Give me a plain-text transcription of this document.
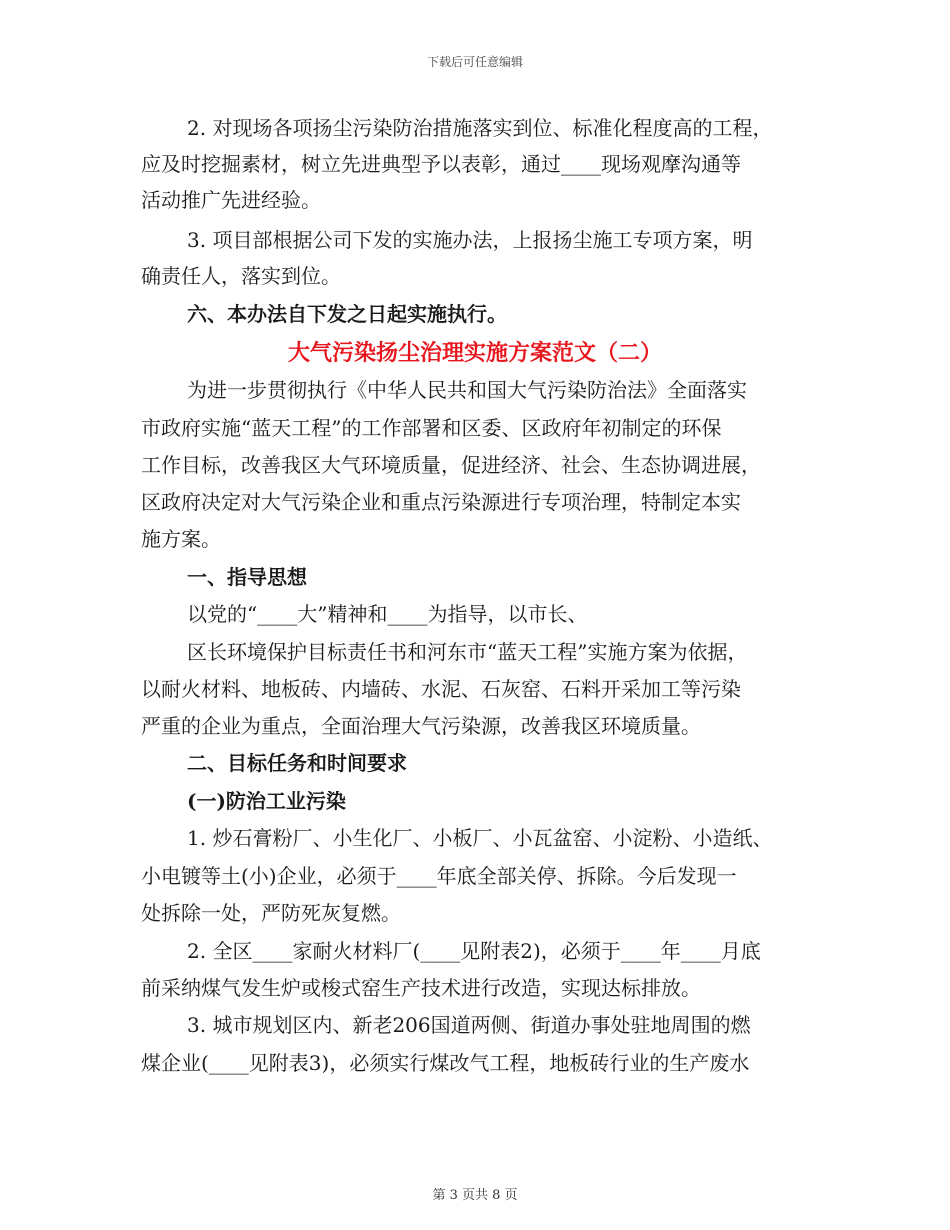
下载后可任意编辑
2. 对现场各项扬尘污染防治措施落实到位、标准化程度高的工程，
应及时挖掘素材，树立先进典型予以表彰，通过____现场观摩沟通等
活动推广先进经验。
3. 项目部根据公司下发的实施办法，上报扬尘施工专项方案，明
确责任人，落实到位。
六、本办法自下发之日起实施执行。
大气污染扬尘治理实施方案范文（二）
为进一步贯彻执行《中华人民共和国大气污染防治法》全面落实
市政府实施“蓝天工程”的工作部署和区委、区政府年初制定的环保
工作目标，改善我区大气环境质量，促进经济、社会、生态协调进展，
区政府决定对大气污染企业和重点污染源进行专项治理，特制定本实
施方案。
一、指导思想
以党的“____大”精神和____为指导，以市长、
区长环境保护目标责任书和河东市“蓝天工程”实施方案为依据，
以耐火材料、地板砖、内墙砖、水泥、石灰窑、石料开采加工等污染
严重的企业为重点，全面治理大气污染源，改善我区环境质量。
二、目标任务和时间要求
(一)防治工业污染
1. 炒石膏粉厂、小生化厂、小板厂、小瓦盆窑、小淀粉、小造纸、
小电镀等土(小)企业，必须于____年底全部关停、拆除。今后发现一
处拆除一处，严防死灰复燃。
2. 全区____家耐火材料厂(____见附表2)，必须于____年____月底
前采纳煤气发生炉或梭式窑生产技术进行改造，实现达标排放。
3. 城市规划区内、新老206国道两侧、街道办事处驻地周围的燃
煤企业(____见附表3)，必须实行煤改气工程，地板砖行业的生产废水
第 3 页共 8 页
